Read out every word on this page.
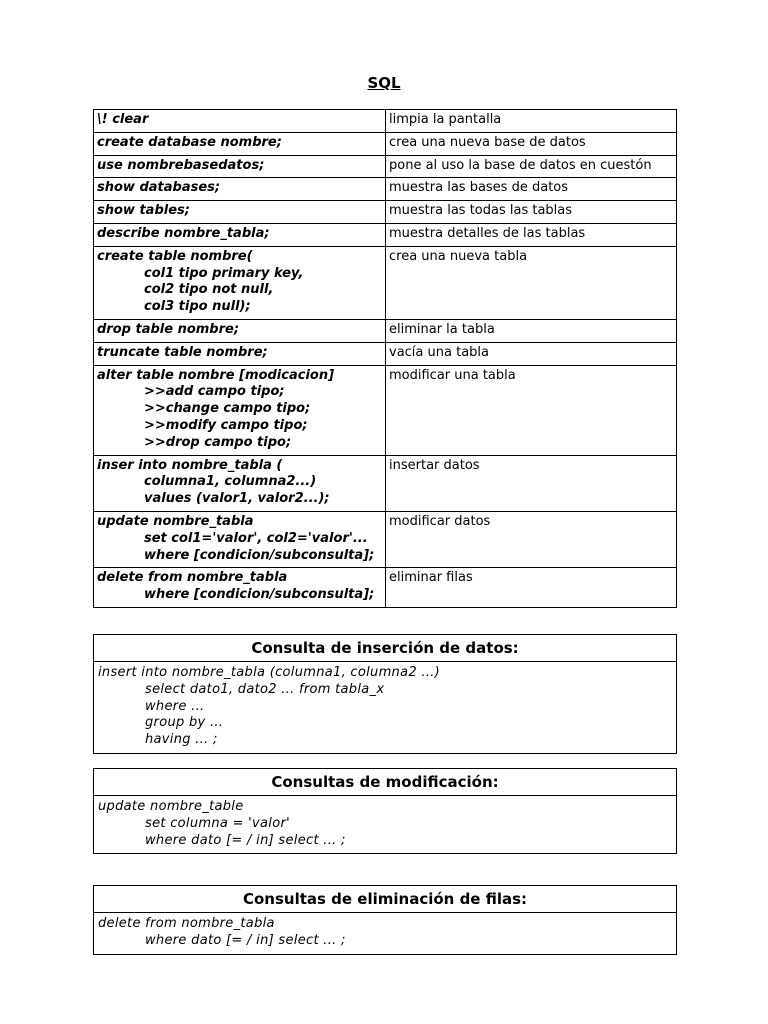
SQL
\! clear	limpia la pantalla

create database nombre;	crea una nueva base de datos

use nombrebasedatos;	pone al uso la base de datos en cuestón

show databases;	muestra las bases de datos

show tables;	muestra las todas las tablas

describe nombre_tabla;	muestra detalles de las tablas

create table nombre(
col1 tipo primary key,
col2 tipo not null,
col3 tipo null);	crea una nueva tabla

drop table nombre;	eliminar la tabla

truncate table nombre;	vacía una tabla

alter table nombre [modicacion]
>>add campo tipo;
>>change campo tipo;
>>modify campo tipo;
>>drop campo tipo;	modificar una tabla

inser into nombre_tabla (
columna1, columna2...)
values (valor1, valor2...);	insertar datos

update nombre_tabla
set col1='valor', col2='valor'...
where [condicion/subconsulta];	modificar datos

delete from nombre_tabla
where [condicion/subconsulta];	eliminar filas
Consulta de inserción de datos:
insert into nombre_tabla (columna1, columna2 ...)
select dato1, dato2 ... from tabla_x
where ...
group by ...
having ... ;
Consultas de modificación:
update nombre_table
set columna = 'valor'
where dato [= / in] select ... ;
Consultas de eliminación de filas:
delete from nombre_tabla
where dato [= / in] select ... ;
